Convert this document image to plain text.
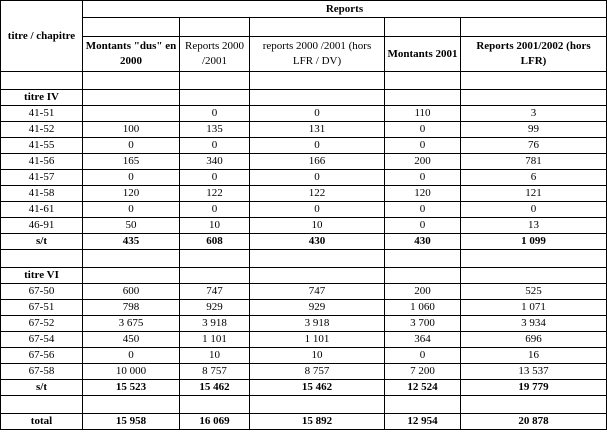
titre / chapitre	Reports				

	Montants "dus" en 2000	Reports 2000 /2001	reports 2000 /2001 (hors LFR / DV)	Montants 2001	Reports 2001/2002 (hors LFR)

titre IV					
41-51		0	0	110	3
41-52	100	135	131	0	99
41-55	0	0	0	0	76
41-56	165	340	166	200	781
41-57	0	0	0	0	6
41-58	120	122	122	120	121
41-61	0	0	0	0	0
46-91	50	10	10	0	13
s/t	435	608	430	430	1 099

titre VI					
67-50	600	747	747	200	525
67-51	798	929	929	1 060	1 071
67-52	3 675	3 918	3 918	3 700	3 934
67-54	450	1 101	1 101	364	696
67-56	0	10	10	0	16
67-58	10 000	8 757	8 757	7 200	13 537
s/t	15 523	15 462	15 462	12 524	19 779

total	15 958	16 069	15 892	12 954	20 878
